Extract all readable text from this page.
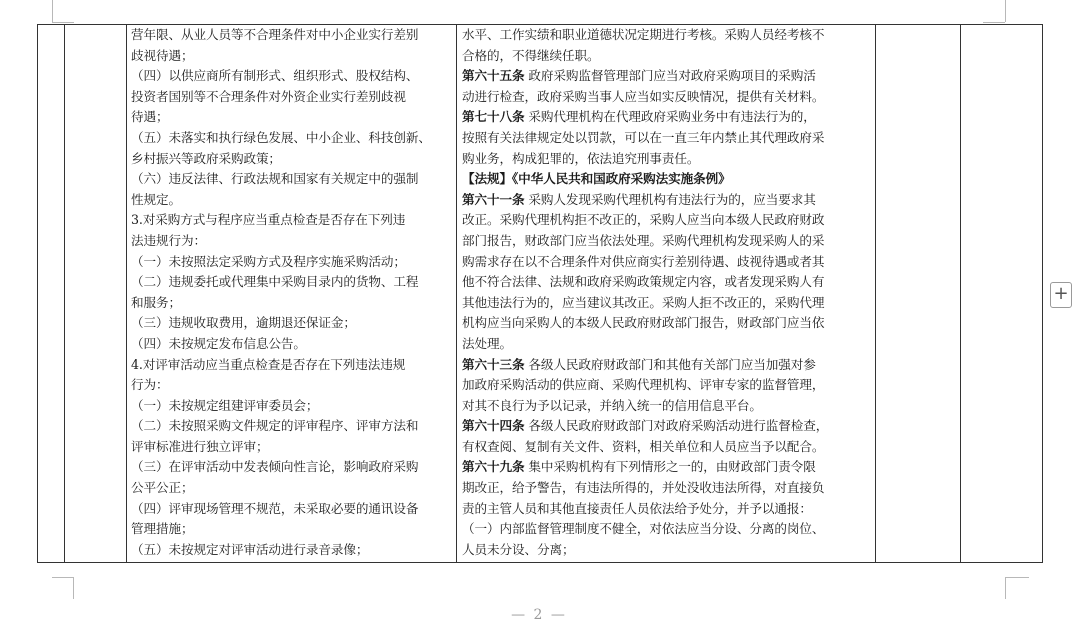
营年限、从业人员等不合理条件对中小企业实行差别
歧视待遇；
（四）以供应商所有制形式、组织形式、股权结构、
投资者国别等不合理条件对外资企业实行差别歧视
待遇；
（五）未落实和执行绿色发展、中小企业、科技创新、
乡村振兴等政府采购政策；
（六）违反法律、行政法规和国家有关规定中的强制
性规定。
3.对采购方式与程序应当重点检查是否存在下列违
法违规行为：
（一）未按照法定采购方式及程序实施采购活动；
（二）违规委托或代理集中采购目录内的货物、工程
和服务；
（三）违规收取费用，逾期退还保证金；
（四）未按规定发布信息公告。
4.对评审活动应当重点检查是否存在下列违法违规
行为：
（一）未按规定组建评审委员会；
（二）未按照采购文件规定的评审程序、评审方法和
评审标准进行独立评审；
（三）在评审活动中发表倾向性言论，影响政府采购
公平公正；
（四）评审现场管理不规范，未采取必要的通讯设备
管理措施；
（五）未按规定对评审活动进行录音录像；
水平、工作实绩和职业道德状况定期进行考核。采购人员经考核不
合格的，不得继续任职。
第六十五条 政府采购监督管理部门应当对政府采购项目的采购活
动进行检查，政府采购当事人应当如实反映情况，提供有关材料。
第七十八条 采购代理机构在代理政府采购业务中有违法行为的，
按照有关法律规定处以罚款，可以在一直三年内禁止其代理政府采
购业务，构成犯罪的，依法追究刑事责任。
【法规】《中华人民共和国政府采购法实施条例》
第六十一条 采购人发现采购代理机构有违法行为的，应当要求其
改正。采购代理机构拒不改正的，采购人应当向本级人民政府财政
部门报告，财政部门应当依法处理。采购代理机构发现采购人的采
购需求存在以不合理条件对供应商实行差别待遇、歧视待遇或者其
他不符合法律、法规和政府采购政策规定内容，或者发现采购人有
其他违法行为的，应当建议其改正。采购人拒不改正的，采购代理
机构应当向采购人的本级人民政府财政部门报告，财政部门应当依
法处理。
第六十三条 各级人民政府财政部门和其他有关部门应当加强对参
加政府采购活动的供应商、采购代理机构、评审专家的监督管理，
对其不良行为予以记录，并纳入统一的信用信息平台。
第六十四条 各级人民政府财政部门对政府采购活动进行监督检查，
有权查阅、复制有关文件、资料，相关单位和人员应当予以配合。
第六十九条 集中采购机构有下列情形之一的，由财政部门责令限
期改正，给予警告，有违法所得的，并处没收违法所得，对直接负
责的主管人员和其他直接责任人员依法给予处分，并予以通报：
（一）内部监督管理制度不健全，对依法应当分设、分离的岗位、
人员未分设、分离；
+
— 2 —
